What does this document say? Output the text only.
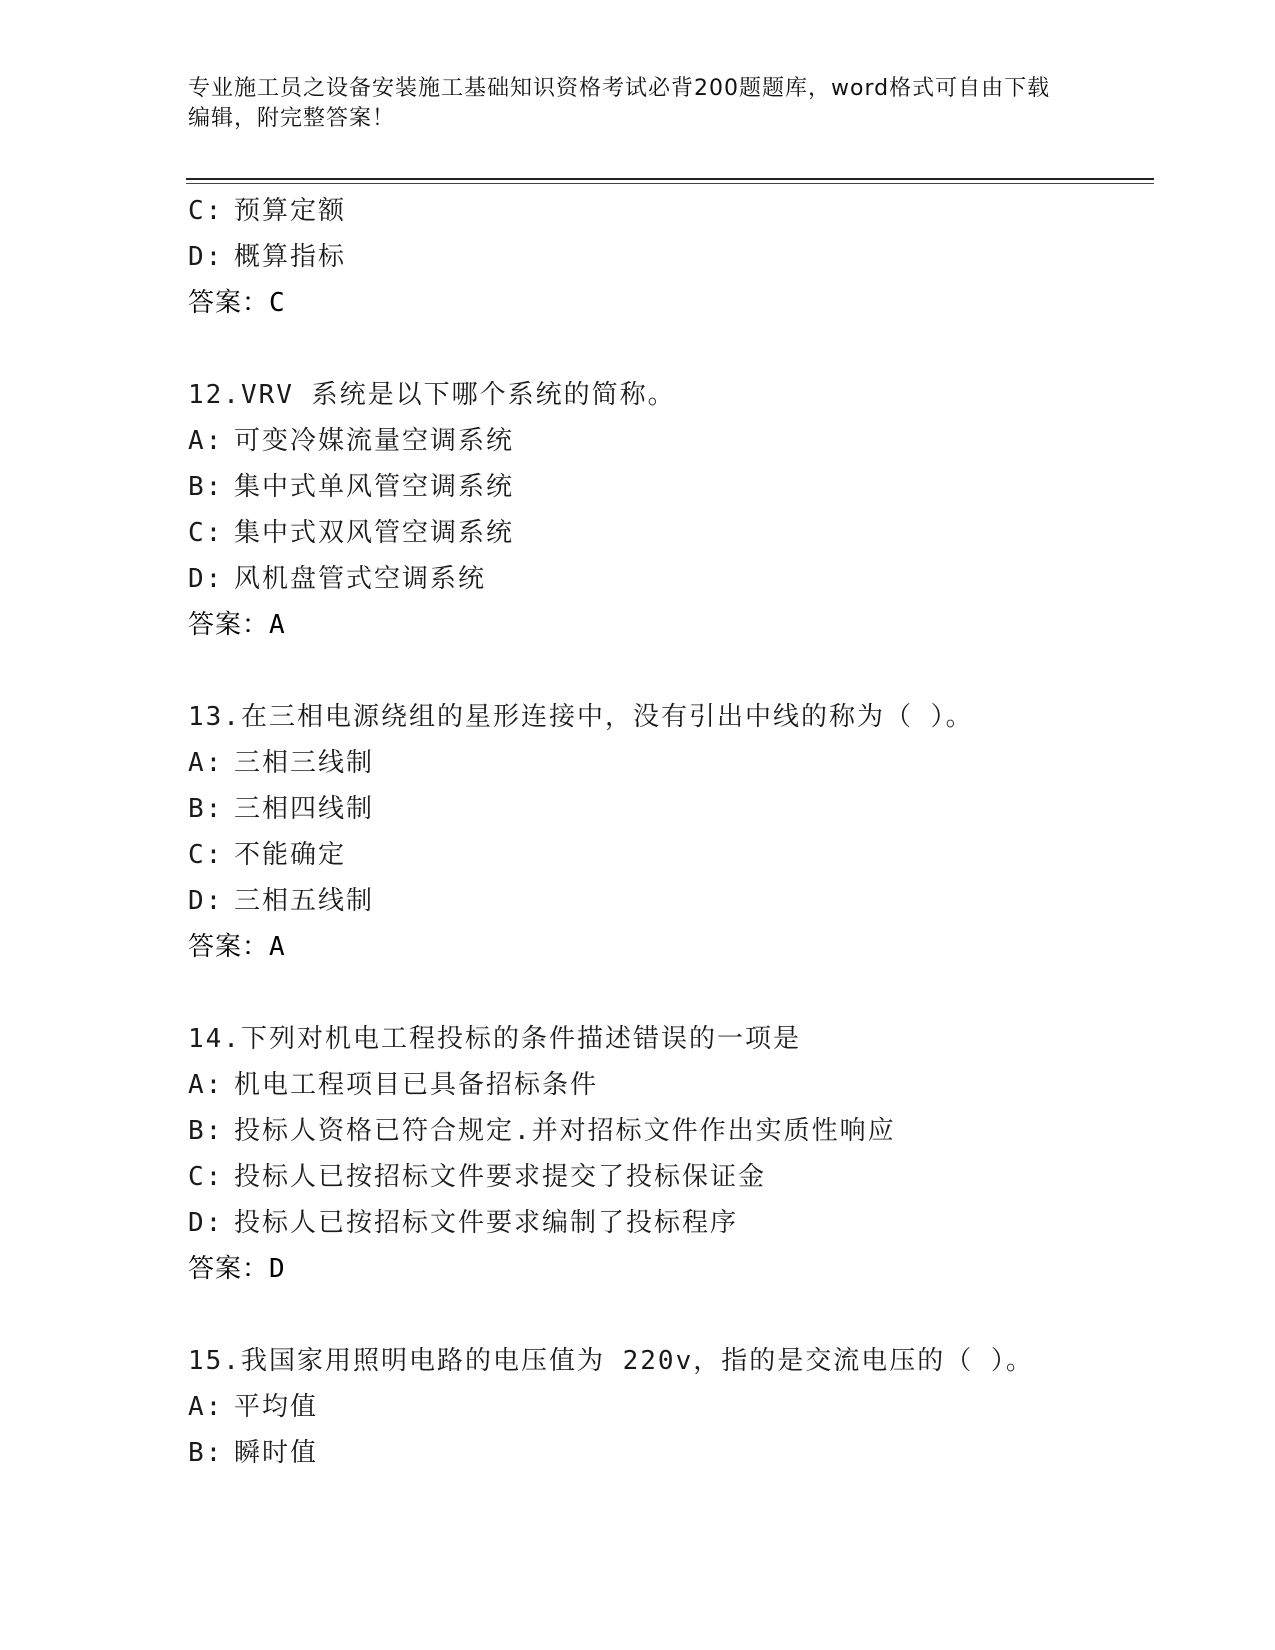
专业施工员之设备安装施工基础知识资格考试必背200题题库，word格式可自由下载编辑，附完整答案！
C: 预算定额
D: 概算指标
答案：C
12.VRV 系统是以下哪个系统的简称。
A: 可变冷媒流量空调系统
B: 集中式单风管空调系统
C: 集中式双风管空调系统
D: 风机盘管式空调系统
答案：A
13.在三相电源绕组的星形连接中，没有引出中线的称为（ ）。
A: 三相三线制
B: 三相四线制
C: 不能确定
D: 三相五线制
答案：A
14.下列对机电工程投标的条件描述错误的一项是
A: 机电工程项目已具备招标条件
B: 投标人资格已符合规定.并对招标文件作出实质性响应
C: 投标人已按招标文件要求提交了投标保证金
D: 投标人已按招标文件要求编制了投标程序
答案：D
15.我国家用照明电路的电压值为 220v，指的是交流电压的（ ）。
A: 平均值
B: 瞬时值
